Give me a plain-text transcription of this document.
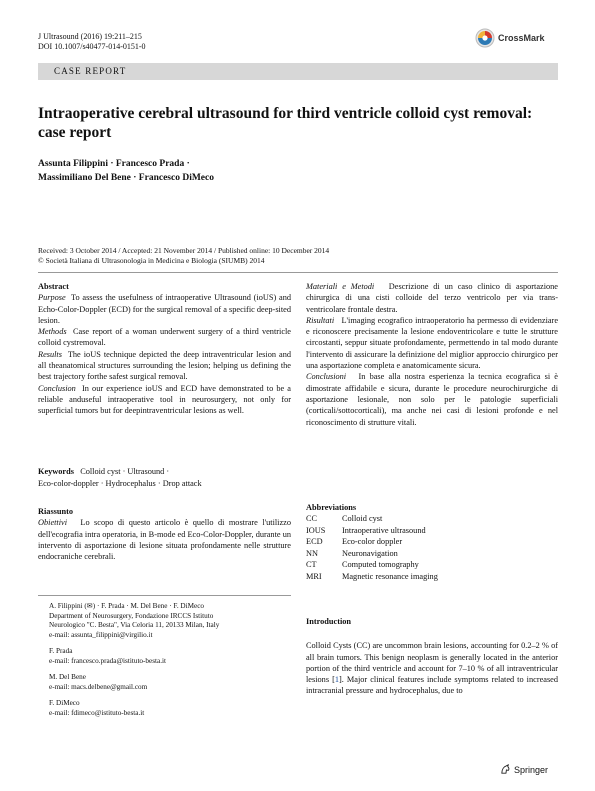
J Ultrasound (2016) 19:211–215
DOI 10.1007/s40477-014-0151-0
CrossMark
CASE REPORT
Intraoperative cerebral ultrasound for third ventricle colloid cyst removal: case report
Assunta Filippini · Francesco Prada ·
Massimiliano Del Bene · Francesco DiMeco
Received: 3 October 2014 / Accepted: 21 November 2014 / Published online: 10 December 2014
© Società Italiana di Ultrasonologia in Medicina e Biologia (SIUMB) 2014

Abstract

Purpose To assess the usefulness of intraoperative Ultrasound (ioUS) and Echo-Color-Doppler (ECD) for the surgical removal of a specific deep-sited lesion.

Methods Case report of a woman underwent surgery of a third ventricle colloid cystremoval.

Results The ioUS technique depicted the deep intraventricular lesion and all theanatomical structures surrounding the lesion; helping us defining the best trajectory forthe safest surgical removal.

Conclusion In our experience ioUS and ECD have demonstrated to be a reliable anduseful intraoperative tool in neurosurgery, not only for superficial tumors but for deepintraventricular lesions as well.

Keywords Colloid cyst · Ultrasound ·
Eco-color-doppler · Hydrocephalus · Drop attack

Riassunto

Obiettivi Lo scopo di questo articolo è quello di mostrare l'utilizzo dell'ecografia intra operatoria, in B-mode ed Eco-Color-Doppler, durante un intervento di asportazione di lesione situata profondamente nelle strutture endocraniche cerebrali.

A. Filippini (✉) · F. Prada · M. Del Bene · F. DiMeco

Department of Neurosurgery, Fondazione IRCCS Istituto

Neurologico "C. Besta", Via Celoria 11, 20133 Milan, Italy

e-mail: assunta_filippini@virgilio.it

F. Prada

e-mail: francesco.prada@istituto-besta.it

M. Del Bene

e-mail: macs.delbene@gmail.com

F. DiMeco

e-mail: fdimeco@istituto-besta.it

Materiali e Metodi Descrizione di un caso clinico di asportazione chirurgica di una cisti colloide del terzo ventricolo per via trans-ventricolare frontale destra.

Risultati L'imaging ecografico intraoperatorio ha permesso di evidenziare e riconoscere precisamente la lesione endoventricolare e tutte le strutture circostanti, seppur situate profondamente, permettendo in tal modo durante l'intervento di assicurare la definizione del miglior approccio chirurgico per una asportazione completa e anatomicamente sicura.

Conclusioni In base alla nostra esperienza la tecnica ecografica si è dimostrate affidabile e sicura, durante le procedure neurochirurgiche di asportazione lesionale, non solo per le patologie superficiali (corticali/sottocorticali), ma anche nei casi di lesioni profonde e nel riconoscimento di strutture vitali.

Abbreviations

CC	Colloid cyst
IOUS	Intraoperative ultrasound
ECD	Eco-color doppler
NN	Neuronavigation
CT	Computed tomography
MRI	Magnetic resonance imaging

Introduction

Colloid Cysts (CC) are uncommon brain lesions, accounting for 0.2–2 % of all brain tumors. This benign neoplasm is generally located in the anterior portion of the third ventricle and account for 7–10 % of all intraventricular lesions [1]. Major clinical features include symptoms related to increased intracranial pressure and hydrocephalus, due to

Springer
